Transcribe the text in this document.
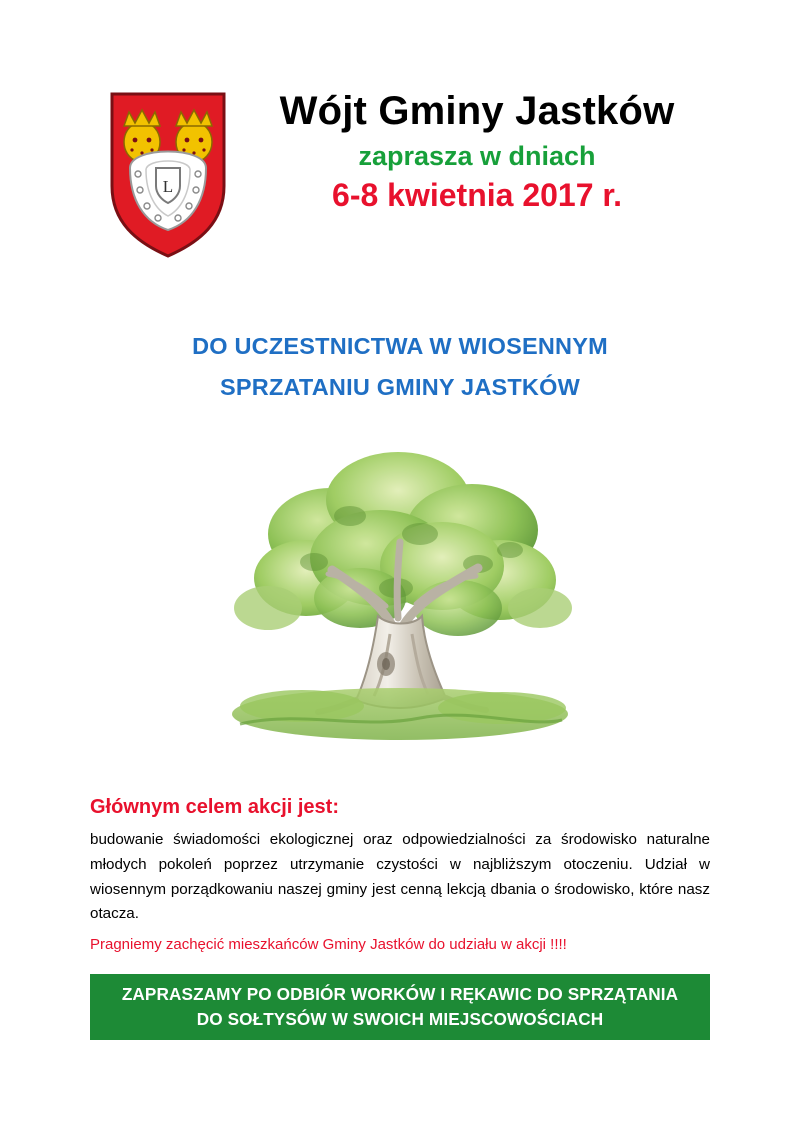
L
Wójt Gminy Jastków
zaprasza w dniach
6-8 kwietnia 2017 r.
DO UCZESTNICTWA W WIOSENNYM
SPRZATANIU GMINY JASTKÓW
Głównym celem akcji jest:
budowanie świadomości ekologicznej oraz odpowiedzialności za środowisko naturalne młodych pokoleń poprzez utrzymanie czystości w najbliższym otoczeniu. Udział w wiosennym porządkowaniu naszej gminy jest cenną lekcją dbania o środowisko, które nasz otacza.
Pragniemy zachęcić mieszkańców Gminy Jastków do udziału w akcji !!!!
ZAPRASZAMY PO ODBIÓR WORKÓW I RĘKAWIC DO SPRZĄTANIA
DO SOŁTYSÓW W SWOICH MIEJSCOWOŚCIACH
